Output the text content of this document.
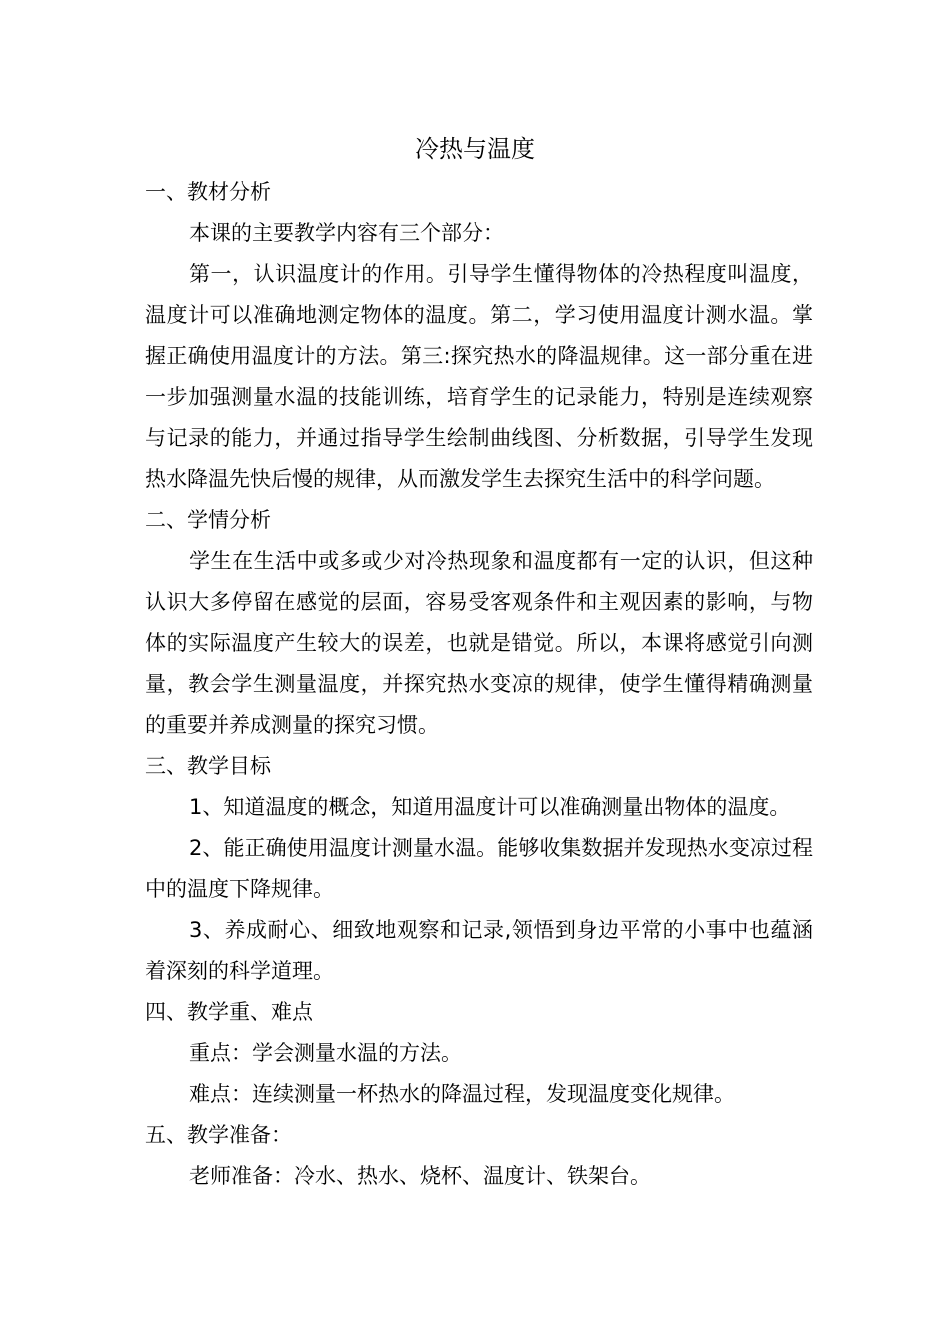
冷热与温度

一、教材分析

本课的主要教学内容有三个部分：

第一，认识温度计的作用。引导学生懂得物体的冷热程度叫温度，温度计可以准确地测定物体的温度。第二，学习使用温度计测水温。掌握正确使用温度计的方法。第三:探究热水的降温规律。这一部分重在进一步加强测量水温的技能训练，培育学生的记录能力，特别是连续观察与记录的能力，并通过指导学生绘制曲线图、分析数据，引导学生发现热水降温先快后慢的规律，从而激发学生去探究生活中的科学问题。

二、学情分析

学生在生活中或多或少对冷热现象和温度都有一定的认识，但这种认识大多停留在感觉的层面，容易受客观条件和主观因素的影响，与物体的实际温度产生较大的误差，也就是错觉。所以，本课将感觉引向测量，教会学生测量温度，并探究热水变凉的规律，使学生懂得精确测量的重要并养成测量的探究习惯。

三、教学目标

1、知道温度的概念，知道用温度计可以准确测量出物体的温度。

2、能正确使用温度计测量水温。能够收集数据并发现热水变凉过程中的温度下降规律。

3、养成耐心、细致地观察和记录,领悟到身边平常的小事中也蕴涵着深刻的科学道理。

四、教学重、难点

重点：学会测量水温的方法。

难点：连续测量一杯热水的降温过程，发现温度变化规律。

五、教学准备：

老师准备：冷水、热水、烧杯、温度计、铁架台。
